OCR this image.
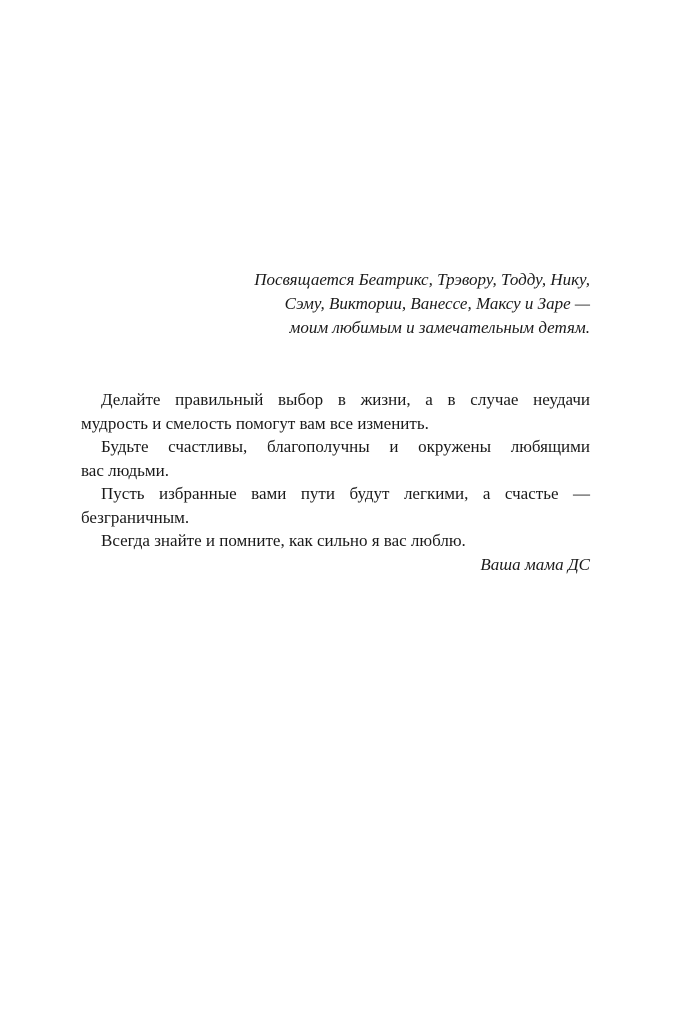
Посвящается Беатрикс, Трэвору, Тодду, Нику,
Сэму, Виктории, Ванессе, Максу и Заре —
моим любимым и замечательным детям.
Делайте правильный выбор в жизни, а в случае неудачи
мудрость и смелость помогут вам все изменить.
Будьте счастливы, благополучны и окружены любящими
вас людьми.
Пусть избранные вами пути будут легкими, а счастье —
безграничным.
Всегда знайте и помните, как сильно я вас люблю.
Ваша мама ДС
